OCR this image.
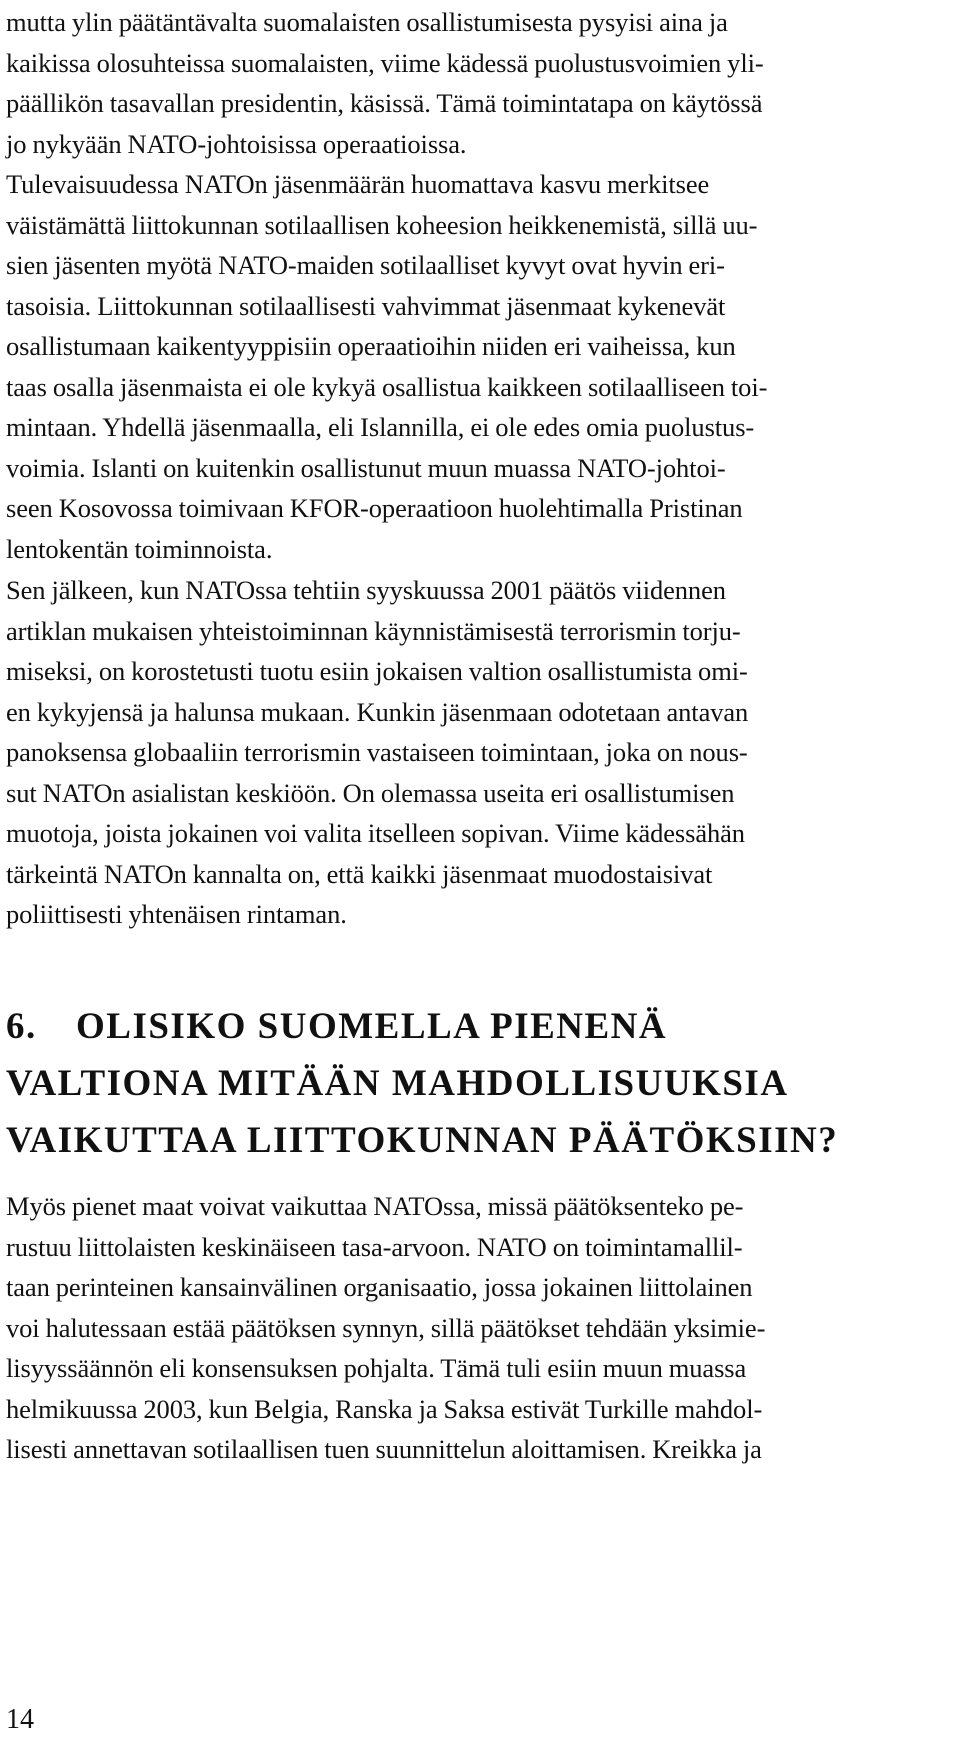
mutta ylin päätäntävalta suomalaisten osallistumisesta pysyisi aina ja
kaikissa olosuhteissa suomalaisten, viime kädessä puolustusvoimien yli-
päällikön tasavallan presidentin, käsissä. Tämä toimintatapa on käytössä
jo nykyään NATO-johtoisissa operaatioissa.

Tulevaisuudessa NATOn jäsenmäärän huomattava kasvu merkitsee
väistämättä liittokunnan sotilaallisen koheesion heikkenemistä, sillä uu-
sien jäsenten myötä NATO-maiden sotilaalliset kyvyt ovat hyvin eri-
tasoisia. Liittokunnan sotilaallisesti vahvimmat jäsenmaat kykenevät
osallistumaan kaikentyyppisiin operaatioihin niiden eri vaiheissa, kun
taas osalla jäsenmaista ei ole kykyä osallistua kaikkeen sotilaalliseen toi-
mintaan. Yhdellä jäsenmaalla, eli Islannilla, ei ole edes omia puolustus-
voimia. Islanti on kuitenkin osallistunut muun muassa NATO-johtoi-
seen Kosovossa toimivaan KFOR-operaatioon huolehtimalla Pristinan
lentokentän toiminnoista.

Sen jälkeen, kun NATOssa tehtiin syyskuussa 2001 päätös viidennen
artiklan mukaisen yhteistoiminnan käynnistämisestä terrorismin torju-
miseksi, on korostetusti tuotu esiin jokaisen valtion osallistumista omi-
en kykyjensä ja halunsa mukaan. Kunkin jäsenmaan odotetaan antavan
panoksensa globaaliin terrorismin vastaiseen toimintaan, joka on nous-
sut NATOn asialistan keskiöön. On olemassa useita eri osallistumisen
muotoja, joista jokainen voi valita itselleen sopivan. Viime kädessähän
tärkeintä NATOn kannalta on, että kaikki jäsenmaat muodostaisivat
poliittisesti yhtenäisen rintaman.

6. OLISIKO SUOMELLA PIENENÄ
VALTIONA MITÄÄN MAHDOLLISUUKSIA
VAIKUTTAA LIITTOKUNNAN PÄÄTÖKSIIN?

Myös pienet maat voivat vaikuttaa NATOssa, missä päätöksenteko pe-
rustuu liittolaisten keskinäiseen tasa-arvoon. NATO on toimintamallil-
taan perinteinen kansainvälinen organisaatio, jossa jokainen liittolainen
voi halutessaan estää päätöksen synnyn, sillä päätökset tehdään yksimie-
lisyyssäännön eli konsensuksen pohjalta. Tämä tuli esiin muun muassa
helmikuussa 2003, kun Belgia, Ranska ja Saksa estivät Turkille mahdol-
lisesti annettavan sotilaallisen tuen suunnittelun aloittamisen. Kreikka ja

14
